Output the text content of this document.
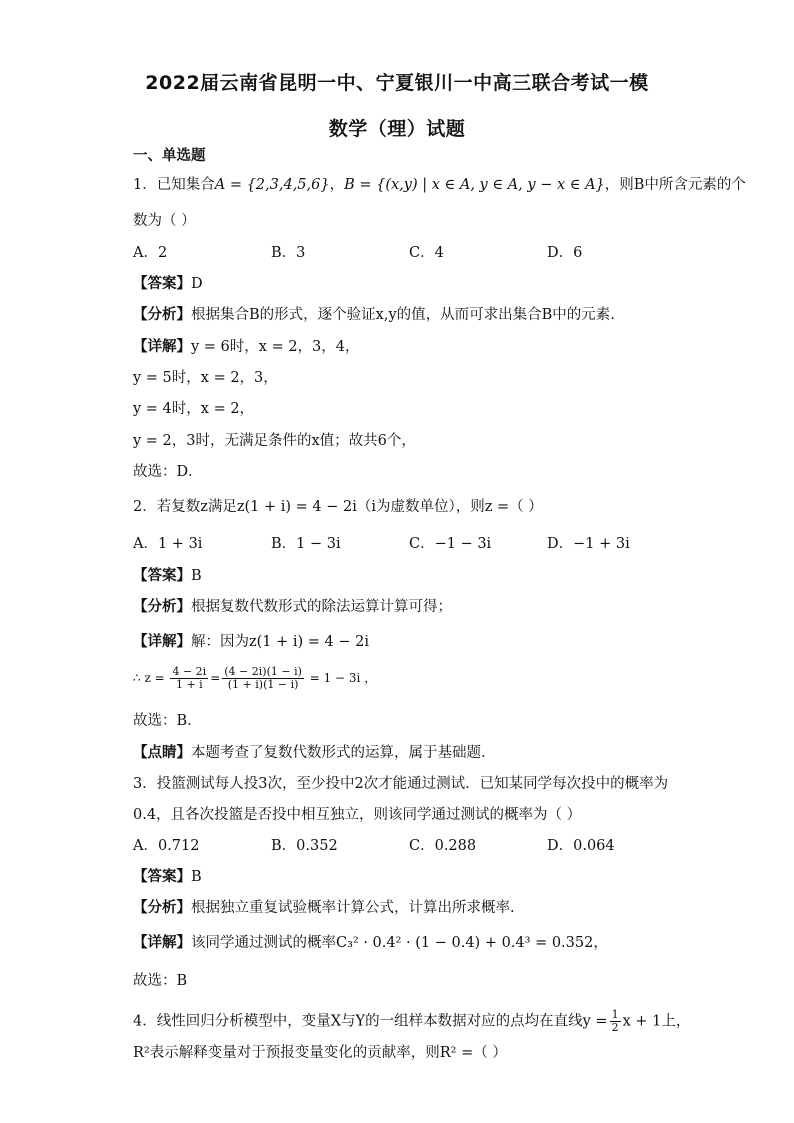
2022届云南省昆明一中、宁夏银川一中高三联合考试一模
数学（理）试题
一、单选题
1．已知集合A = {2,3,4,5,6}，B = {(x,y) | x ∈ A, y ∈ A, y − x ∈ A}，则B中所含元素的个
数为（ ）
A．2	B．3	C．4	D．6
【答案】D
【分析】根据集合B的形式，逐个验证x,y的值，从而可求出集合B中的元素.
【详解】y = 6时，x = 2，3，4，
y = 5时，x = 2，3，
y = 4时，x = 2，
y = 2，3时，无满足条件的x值；故共6个，
故选：D．
2．若复数z满足z(1 + i) = 4 − 2i（i为虚数单位），则z =（ ）
A．1 + 3i	B．1 − 3i	C．−1 − 3i	D．−1 + 3i
【答案】B
【分析】根据复数代数形式的除法运算计算可得；
【详解】解：因为z(1 + i) = 4 − 2i
∴ $z = \frac{4 - 2i}{1 + i} = \frac{(4 - 2i)(1 - i)}{(1 + i)(1 - i)} = 1 - 3i$ ，
故选：B．
【点睛】本题考查了复数代数形式的运算，属于基础题．
3．投篮测试每人投3次，至少投中2次才能通过测试．已知某同学每次投中的概率为
0.4，且各次投篮是否投中相互独立，则该同学通过测试的概率为（ ）
A．0.712	B．0.352	C．0.288	D．0.064
【答案】B
【分析】根据独立重复试验概率计算公式，计算出所求概率.
【详解】该同学通过测试的概率C₃² · 0.4² · (1 − 0.4) + 0.4³ = 0.352，
故选：B
4．线性回归分析模型中，变量X与Y的一组样本数据对应的点均在直线$y = \frac{1}{2}$ x + 1上，
R²表示解释变量对于预报变量变化的贡献率，则R² =（ ）
